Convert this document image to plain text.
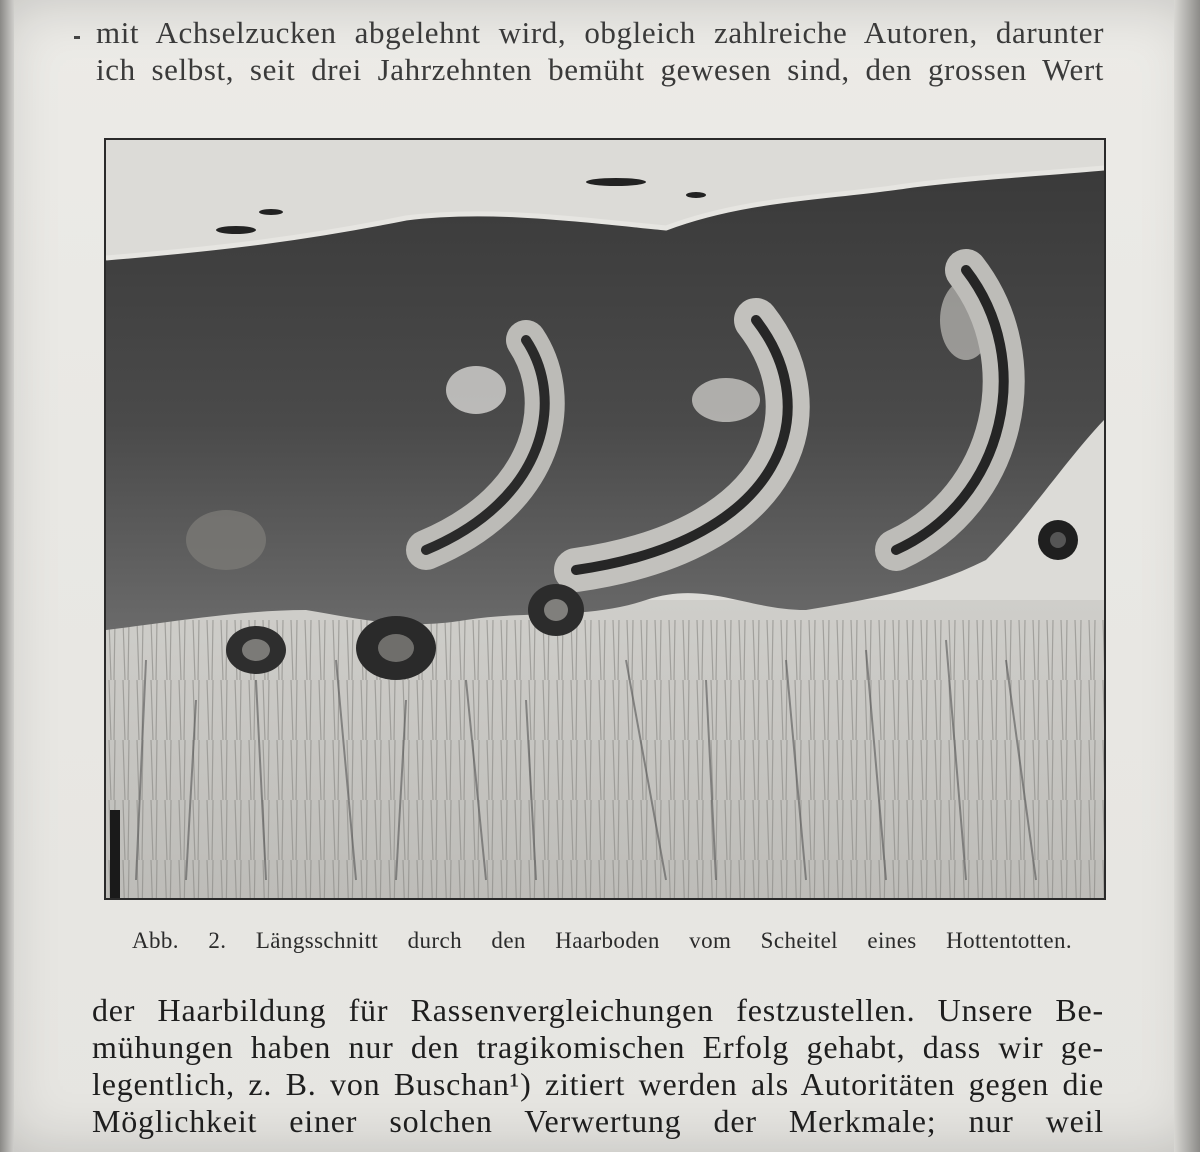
mit Achselzucken abgelehnt wird, obgleich zahlreiche Autoren, darunter
ich selbst, seit drei Jahrzehnten bemüht gewesen sind, den grossen Wert
Abb. 2. Längsschnitt durch den Haarboden vom Scheitel eines Hottentotten.
der Haarbildung für Rassenvergleichungen festzustellen. Unsere Be-
mühungen haben nur den tragikomischen Erfolg gehabt, dass wir ge-
legentlich, z. B. von Buschan¹) zitiert werden als Autoritäten gegen die
Möglichkeit einer solchen Verwertung der Merkmale; nur weil
